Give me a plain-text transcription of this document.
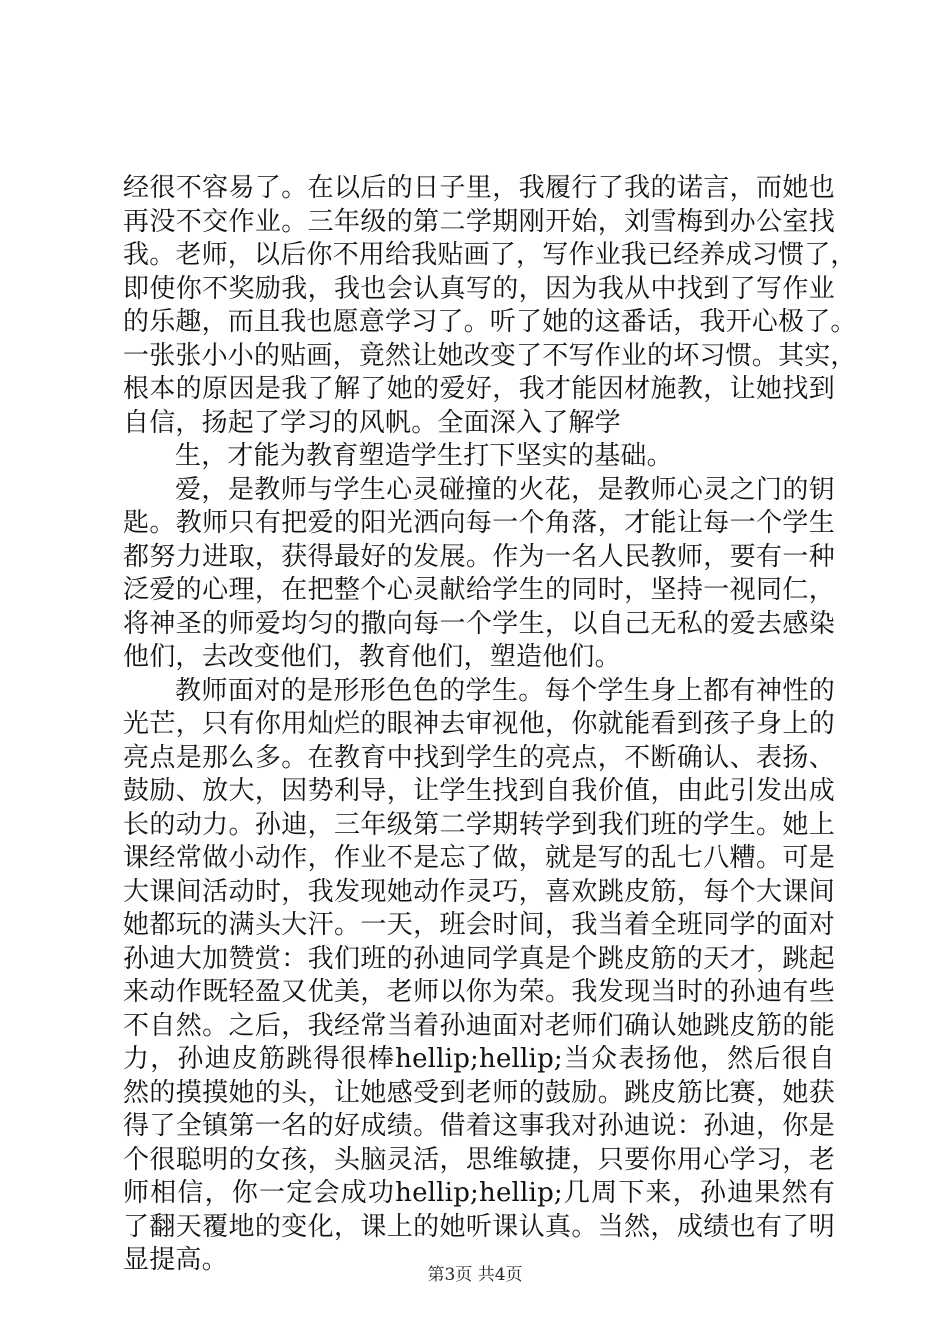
经很不容易了。在以后的日子里，我履行了我的诺言，而她也
再没不交作业。三年级的第二学期刚开始，刘雪梅到办公室找
我。老师，以后你不用给我贴画了，写作业我已经养成习惯了，
即使你不奖励我，我也会认真写的，因为我从中找到了写作业
的乐趣，而且我也愿意学习了。听了她的这番话，我开心极了。
一张张小小的贴画，竟然让她改变了不写作业的坏习惯。其实，
根本的原因是我了解了她的爱好，我才能因材施教，让她找到
自信，扬起了学习的风帆。全面深入了解学
生，才能为教育塑造学生打下坚实的基础。
爱，是教师与学生心灵碰撞的火花，是教师心灵之门的钥
匙。教师只有把爱的阳光洒向每一个角落，才能让每一个学生
都努力进取，获得最好的发展。作为一名人民教师，要有一种
泛爱的心理，在把整个心灵献给学生的同时，坚持一视同仁，
将神圣的师爱均匀的撒向每一个学生，以自己无私的爱去感染
他们，去改变他们，教育他们，塑造他们。
教师面对的是形形色色的学生。每个学生身上都有神性的
光芒，只有你用灿烂的眼神去审视他，你就能看到孩子身上的
亮点是那么多。在教育中找到学生的亮点，不断确认、表扬、
鼓励、放大，因势利导，让学生找到自我价值，由此引发出成
长的动力。孙迪，三年级第二学期转学到我们班的学生。她上
课经常做小动作，作业不是忘了做，就是写的乱七八糟。可是
大课间活动时，我发现她动作灵巧，喜欢跳皮筋，每个大课间
她都玩的满头大汗。一天，班会时间，我当着全班同学的面对
孙迪大加赞赏：我们班的孙迪同学真是个跳皮筋的天才，跳起
来动作既轻盈又优美，老师以你为荣。我发现当时的孙迪有些
不自然。之后，我经常当着孙迪面对老师们确认她跳皮筋的能
力，孙迪皮筋跳得很棒hellip;hellip;当众表扬他，然后很自
然的摸摸她的头，让她感受到老师的鼓励。跳皮筋比赛，她获
得了全镇第一名的好成绩。借着这事我对孙迪说：孙迪，你是
个很聪明的女孩，头脑灵活，思维敏捷，只要你用心学习，老
师相信，你一定会成功hellip;hellip;几周下来，孙迪果然有
了翻天覆地的变化，课上的她听课认真。当然，成绩也有了明
显提高。	第3页 共4页
